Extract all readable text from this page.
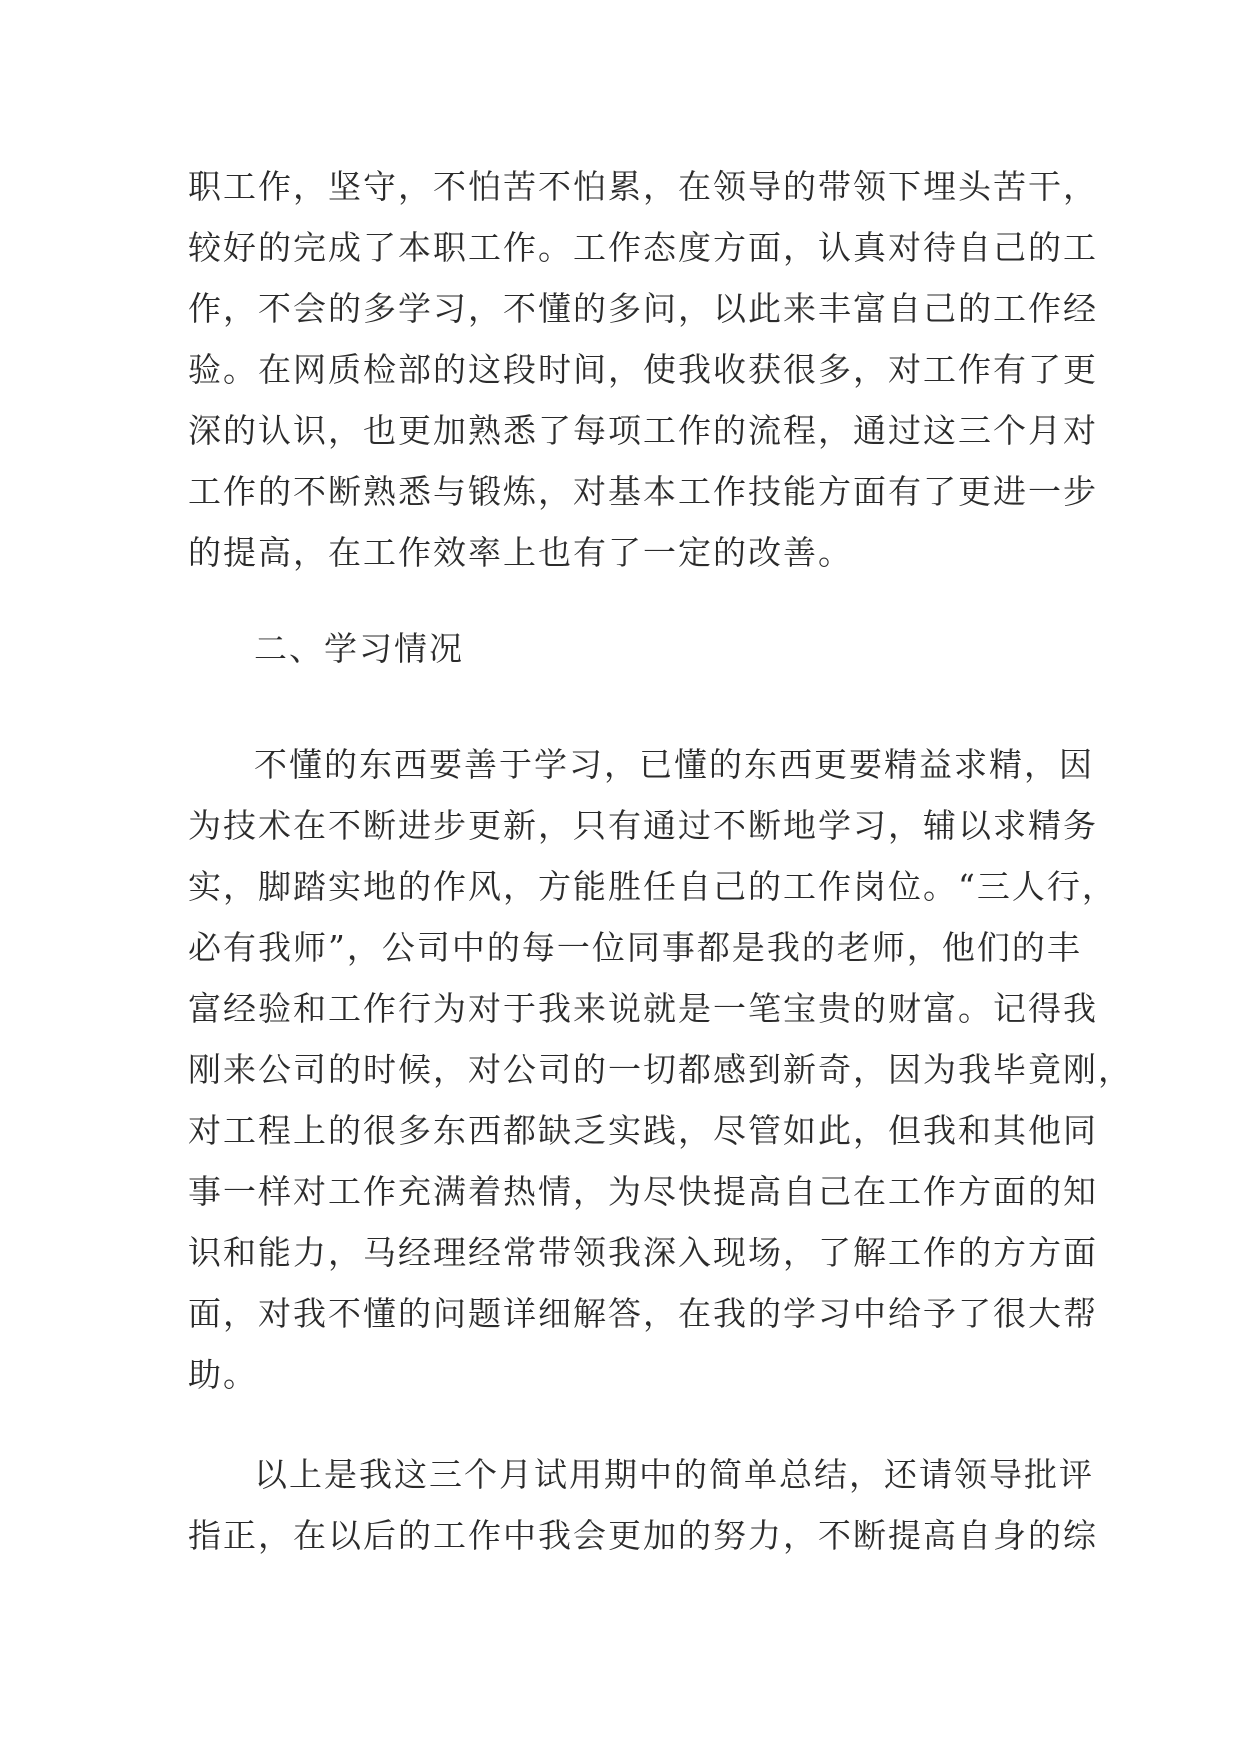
职工作，坚守，不怕苦不怕累，在领导的带领下埋头苦干，
较好的完成了本职工作。工作态度方面，认真对待自己的工
作，不会的多学习，不懂的多问，以此来丰富自己的工作经
验。在网质检部的这段时间，使我收获很多，对工作有了更
深的认识，也更加熟悉了每项工作的流程，通过这三个月对
工作的不断熟悉与锻炼，对基本工作技能方面有了更进一步
的提高，在工作效率上也有了一定的改善。
二、学习情况
不懂的东西要善于学习，已懂的东西更要精益求精，因
为技术在不断进步更新，只有通过不断地学习，辅以求精务
实，脚踏实地的作风，方能胜任自己的工作岗位。“三人行，
必有我师”，公司中的每一位同事都是我的老师，他们的丰
富经验和工作行为对于我来说就是一笔宝贵的财富。记得我
刚来公司的时候，对公司的一切都感到新奇，因为我毕竟刚，
对工程上的很多东西都缺乏实践，尽管如此，但我和其他同
事一样对工作充满着热情，为尽快提高自己在工作方面的知
识和能力，马经理经常带领我深入现场，了解工作的方方面
面，对我不懂的问题详细解答，在我的学习中给予了很大帮
助。
以上是我这三个月试用期中的简单总结，还请领导批评
指正，在以后的工作中我会更加的努力，不断提高自身的综
